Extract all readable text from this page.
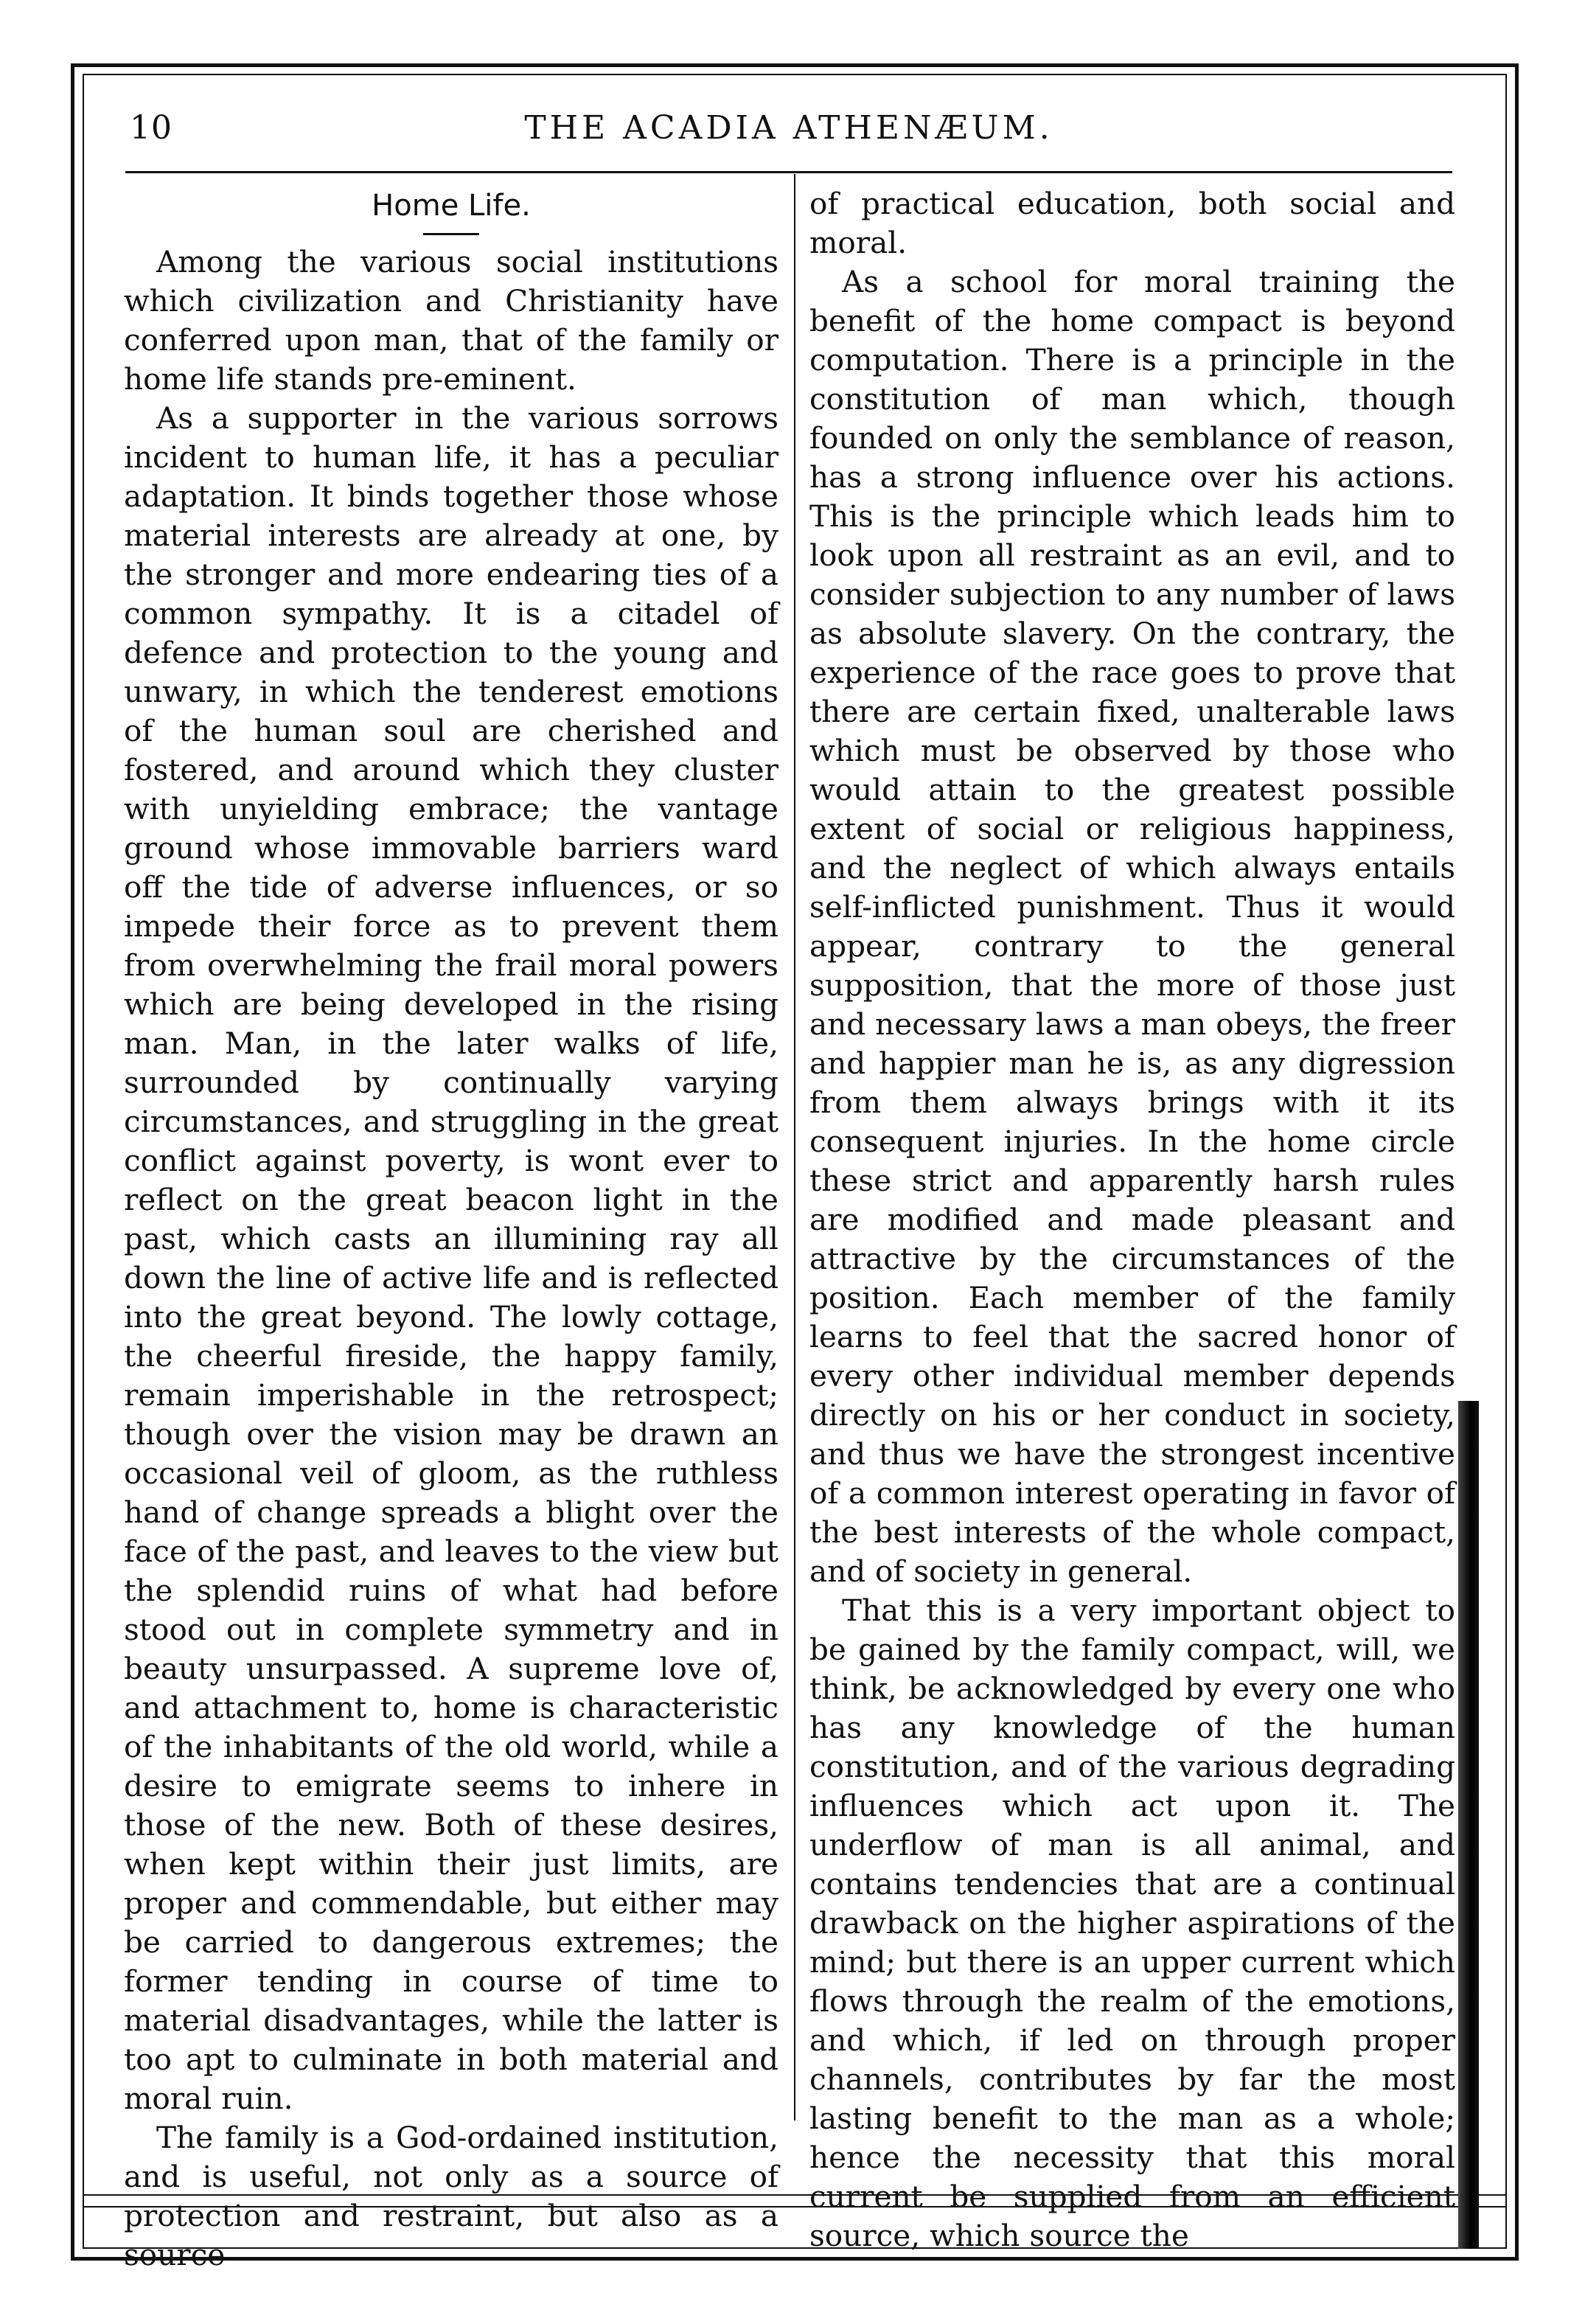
10	THE ACADIA ATHENÆUM.
Home Life.

Among the various social institutions which civilization and Christianity have conferred upon man, that of the family or home life stands pre-eminent.

As a supporter in the various sorrows incident to human life, it has a peculiar adaptation. It binds together those whose material interests are already at one, by the stronger and more endearing ties of a common sympathy. It is a citadel of defence and protection to the young and unwary, in which the tenderest emotions of the human soul are cherished and fostered, and around which they cluster with unyielding embrace; the vantage ground whose immovable barriers ward off the tide of adverse influences, or so impede their force as to prevent them from overwhelming the frail moral powers which are being developed in the rising man. Man, in the later walks of life, surrounded by continually varying circumstances, and struggling in the great conflict against poverty, is wont ever to reflect on the great beacon light in the past, which casts an illumining ray all down the line of active life and is reflected into the great beyond. The lowly cottage, the cheerful fireside, the happy family, remain imperishable in the retrospect; though over the vision may be drawn an occasional veil of gloom, as the ruthless hand of change spreads a blight over the face of the past, and leaves to the view but the splendid ruins of what had before stood out in complete symmetry and in beauty unsurpassed. A supreme love of, and attachment to, home is characteristic of the inhabitants of the old world, while a desire to emigrate seems to inhere in those of the new. Both of these desires, when kept within their just limits, are proper and commendable, but either may be carried to dangerous extremes; the former tending in course of time to material disadvantages, while the latter is too apt to culminate in both material and moral ruin.

The family is a God-ordained institution, and is useful, not only as a source of protection and restraint, but also as a source

of practical education, both social and moral.

As a school for moral training the benefit of the home compact is beyond computation. There is a principle in the constitution of man which, though founded on only the semblance of reason, has a strong influence over his actions. This is the principle which leads him to look upon all restraint as an evil, and to consider subjection to any number of laws as absolute slavery. On the contrary, the experience of the race goes to prove that there are certain fixed, unalterable laws which must be observed by those who would attain to the greatest possible extent of social or religious happiness, and the neglect of which always entails self-inflicted punishment. Thus it would appear, contrary to the general supposition, that the more of those just and necessary laws a man obeys, the freer and happier man he is, as any digression from them always brings with it its consequent injuries. In the home circle these strict and apparently harsh rules are modified and made pleasant and attractive by the circumstances of the position. Each member of the family learns to feel that the sacred honor of every other individual member depends directly on his or her conduct in society, and thus we have the strongest incentive of a common interest operating in favor of the best interests of the whole compact, and of society in general.

That this is a very important object to be gained by the family compact, will, we think, be acknowledged by every one who has any knowledge of the human constitution, and of the various degrading influences which act upon it. The underflow of man is all animal, and contains tendencies that are a continual drawback on the higher aspirations of the mind; but there is an upper current which flows through the realm of the emotions, and which, if led on through proper channels, contributes by far the most lasting benefit to the man as a whole; hence the necessity that this moral current be supplied from an efficient source, which source the
